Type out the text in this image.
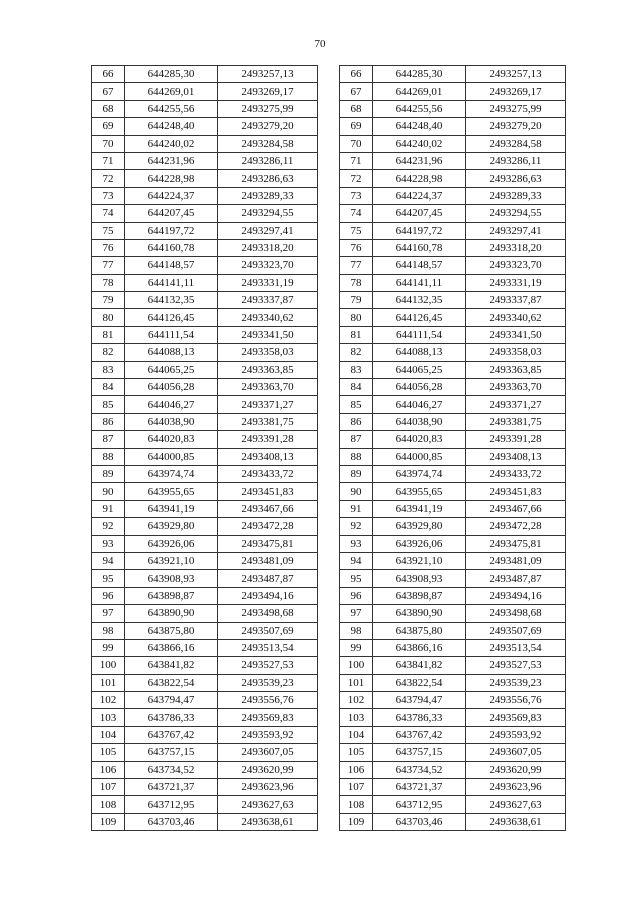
70
66	644285,30	2493257,13
67	644269,01	2493269,17
68	644255,56	2493275,99
69	644248,40	2493279,20
70	644240,02	2493284,58
71	644231,96	2493286,11
72	644228,98	2493286,63
73	644224,37	2493289,33
74	644207,45	2493294,55
75	644197,72	2493297,41
76	644160,78	2493318,20
77	644148,57	2493323,70
78	644141,11	2493331,19
79	644132,35	2493337,87
80	644126,45	2493340,62
81	644111,54	2493341,50
82	644088,13	2493358,03
83	644065,25	2493363,85
84	644056,28	2493363,70
85	644046,27	2493371,27
86	644038,90	2493381,75
87	644020,83	2493391,28
88	644000,85	2493408,13
89	643974,74	2493433,72
90	643955,65	2493451,83
91	643941,19	2493467,66
92	643929,80	2493472,28
93	643926,06	2493475,81
94	643921,10	2493481,09
95	643908,93	2493487,87
96	643898,87	2493494,16
97	643890,90	2493498,68
98	643875,80	2493507,69
99	643866,16	2493513,54
100	643841,82	2493527,53
101	643822,54	2493539,23
102	643794,47	2493556,76
103	643786,33	2493569,83
104	643767,42	2493593,92
105	643757,15	2493607,05
106	643734,52	2493620,99
107	643721,37	2493623,96
108	643712,95	2493627,63
109	643703,46	2493638,61
66	644285,30	2493257,13
67	644269,01	2493269,17
68	644255,56	2493275,99
69	644248,40	2493279,20
70	644240,02	2493284,58
71	644231,96	2493286,11
72	644228,98	2493286,63
73	644224,37	2493289,33
74	644207,45	2493294,55
75	644197,72	2493297,41
76	644160,78	2493318,20
77	644148,57	2493323,70
78	644141,11	2493331,19
79	644132,35	2493337,87
80	644126,45	2493340,62
81	644111,54	2493341,50
82	644088,13	2493358,03
83	644065,25	2493363,85
84	644056,28	2493363,70
85	644046,27	2493371,27
86	644038,90	2493381,75
87	644020,83	2493391,28
88	644000,85	2493408,13
89	643974,74	2493433,72
90	643955,65	2493451,83
91	643941,19	2493467,66
92	643929,80	2493472,28
93	643926,06	2493475,81
94	643921,10	2493481,09
95	643908,93	2493487,87
96	643898,87	2493494,16
97	643890,90	2493498,68
98	643875,80	2493507,69
99	643866,16	2493513,54
100	643841,82	2493527,53
101	643822,54	2493539,23
102	643794,47	2493556,76
103	643786,33	2493569,83
104	643767,42	2493593,92
105	643757,15	2493607,05
106	643734,52	2493620,99
107	643721,37	2493623,96
108	643712,95	2493627,63
109	643703,46	2493638,61
